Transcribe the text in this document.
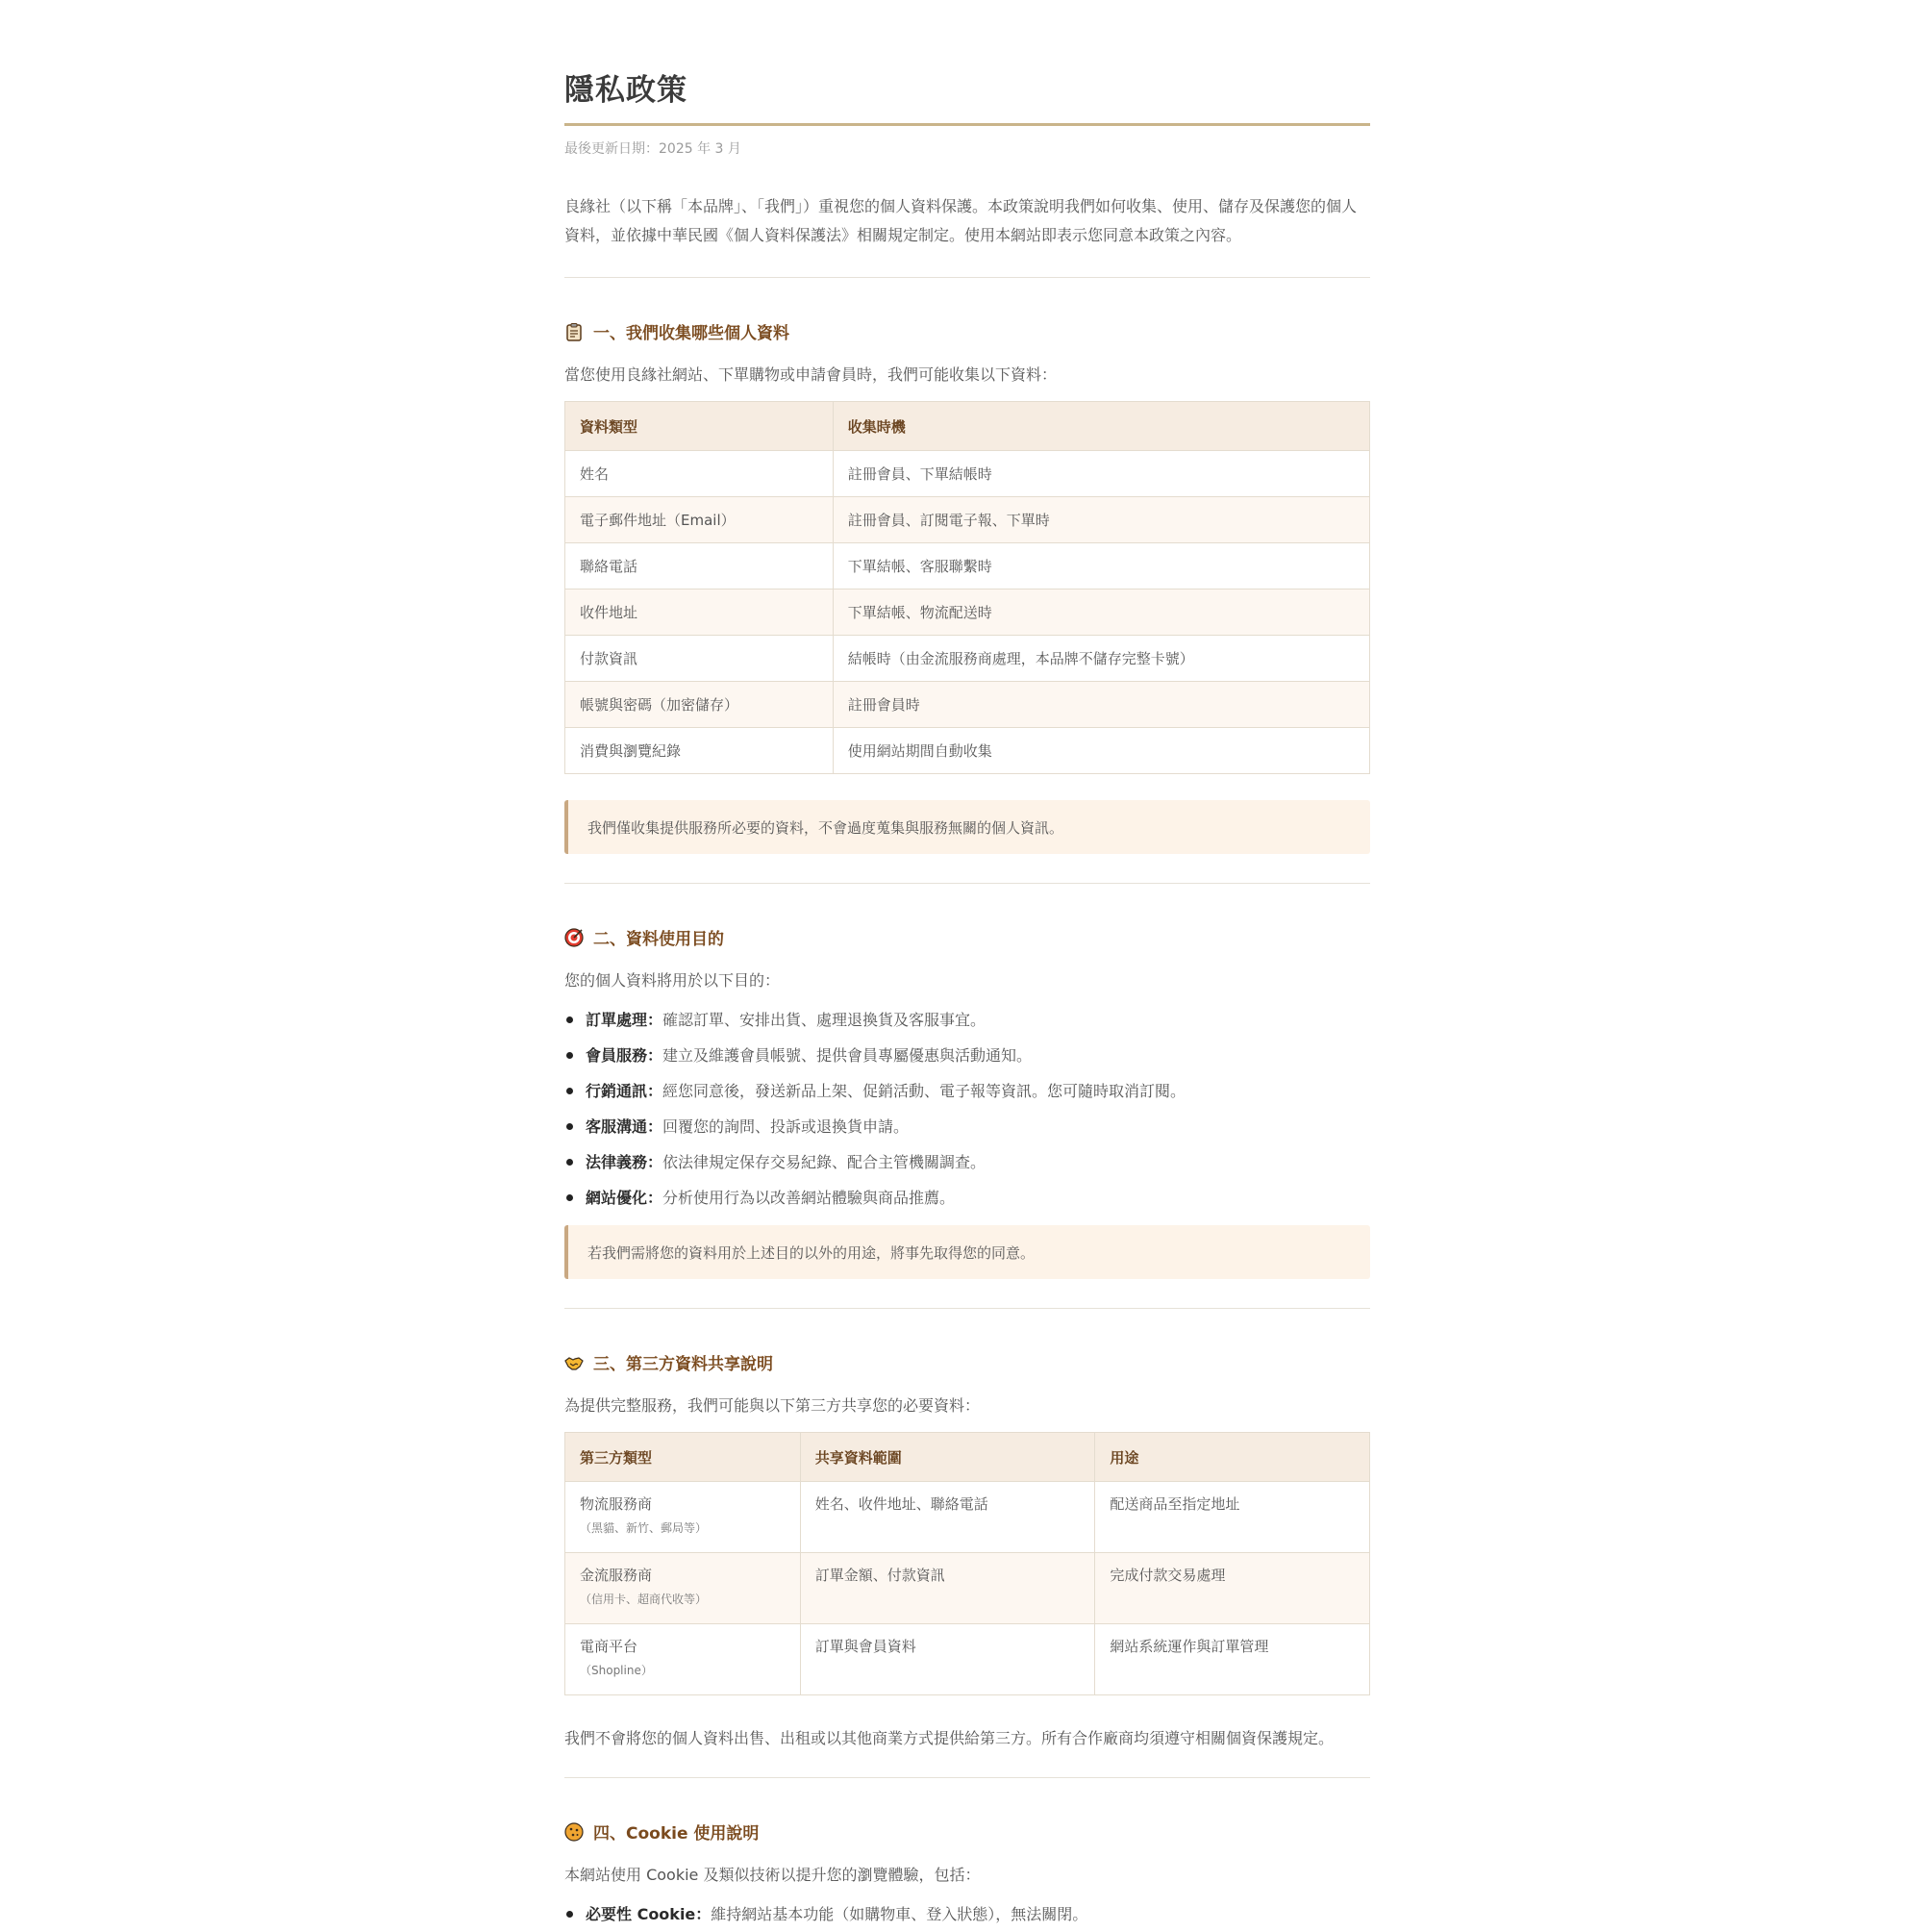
隱私政策
最後更新日期：2025 年 3 月
良緣社（以下稱「本品牌」、「我們」）重視您的個人資料保護。本政策說明我們如何收集、使用、儲存及保護您的個人資料，並依據中華民國《個人資料保護法》相關規定制定。使用本網站即表示您同意本政策之內容。
一、我們收集哪些個人資料
當您使用良緣社網站、下單購物或申請會員時，我們可能收集以下資料：
資料類型	收集時機
姓名	註冊會員、下單結帳時
電子郵件地址（Email）	註冊會員、訂閱電子報、下單時
聯絡電話	下單結帳、客服聯繫時
收件地址	下單結帳、物流配送時
付款資訊	結帳時（由金流服務商處理，本品牌不儲存完整卡號）
帳號與密碼（加密儲存）	註冊會員時
消費與瀏覽紀錄	使用網站期間自動收集
我們僅收集提供服務所必要的資料，不會過度蒐集與服務無關的個人資訊。
二、資料使用目的
您的個人資料將用於以下目的：
訂單處理：確認訂單、安排出貨、處理退換貨及客服事宜。
會員服務：建立及維護會員帳號、提供會員專屬優惠與活動通知。
行銷通訊：經您同意後，發送新品上架、促銷活動、電子報等資訊。您可隨時取消訂閱。
客服溝通：回覆您的詢問、投訴或退換貨申請。
法律義務：依法律規定保存交易紀錄、配合主管機關調查。
網站優化：分析使用行為以改善網站體驗與商品推薦。
若我們需將您的資料用於上述目的以外的用途，將事先取得您的同意。
三、第三方資料共享說明
為提供完整服務，我們可能與以下第三方共享您的必要資料：
第三方類型	共享資料範圍	用途
物流服務商
（黑貓、新竹、郵局等）	姓名、收件地址、聯絡電話	配送商品至指定地址
金流服務商
（信用卡、超商代收等）	訂單金額、付款資訊	完成付款交易處理
電商平台
（Shopline）	訂單與會員資料	網站系統運作與訂單管理
我們不會將您的個人資料出售、出租或以其他商業方式提供給第三方。所有合作廠商均須遵守相關個資保護規定。
四、Cookie 使用說明
本網站使用 Cookie 及類似技術以提升您的瀏覽體驗，包括：
必要性 Cookie：維持網站基本功能（如購物車、登入狀態），無法關閉。
